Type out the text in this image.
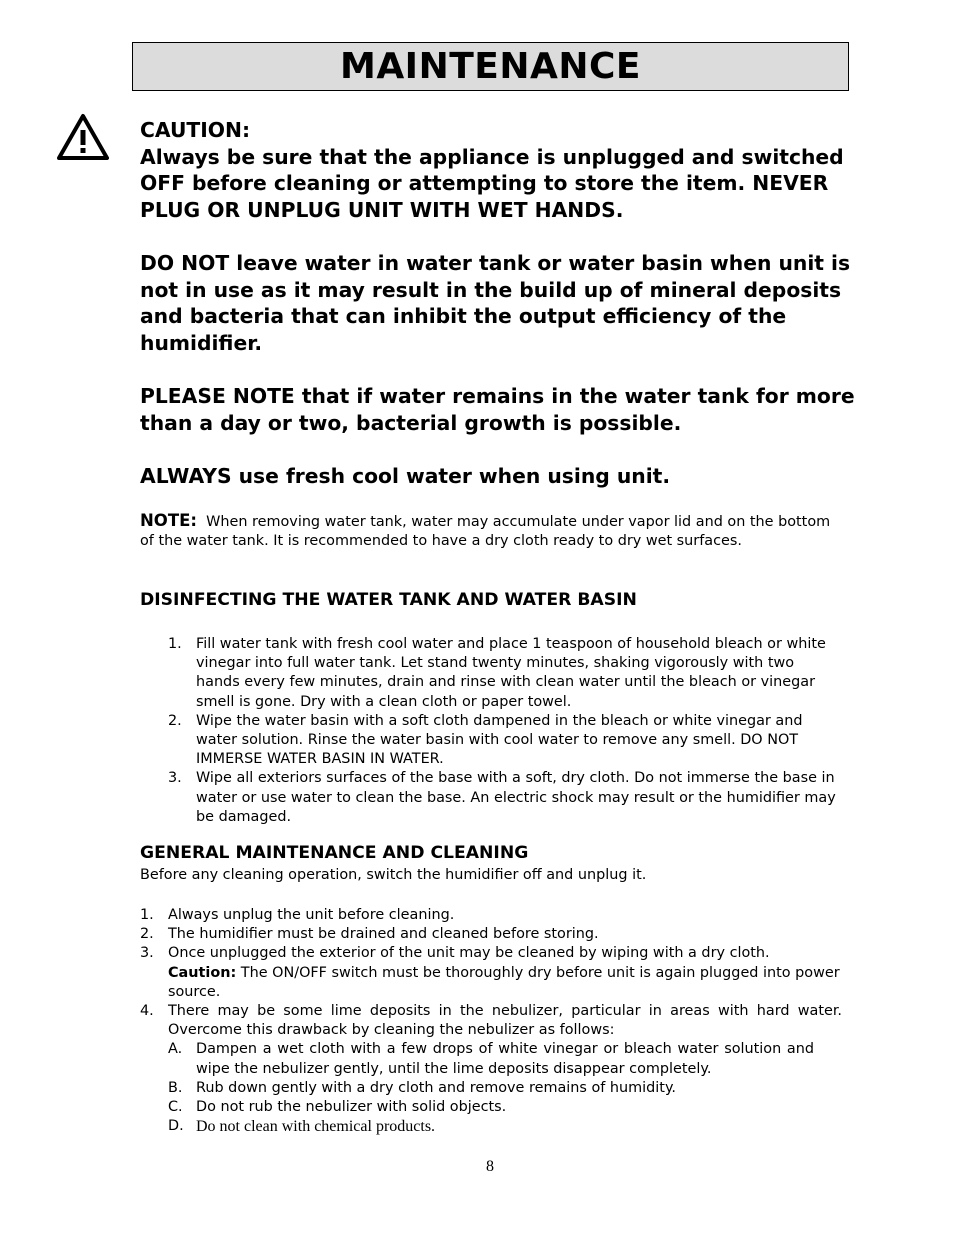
MAINTENANCE

CAUTION:

Always be sure that the appliance is unplugged and switched OFF before cleaning or attempting to store the item. NEVER PLUG OR UNPLUG UNIT WITH WET HANDS.

DO NOT leave water in water tank or water basin when unit is not in use as it may result in the build up of mineral deposits and bacteria that can inhibit the output efficiency of the humidifier.

PLEASE NOTE that if water remains in the water tank for more than a day or two, bacterial growth is possible.

ALWAYS use fresh cool water when using unit.

NOTE: When removing water tank, water may accumulate under vapor lid and on the bottom of the water tank. It is recommended to have a dry cloth ready to dry wet surfaces.
DISINFECTING THE WATER TANK AND WATER BASIN
1. Fill water tank with fresh cool water and place 1 teaspoon of household bleach or white vinegar into full water tank. Let stand twenty minutes, shaking vigorously with two hands every few minutes, drain and rinse with clean water until the bleach or vinegar smell is gone. Dry with a clean cloth or paper towel.
2. Wipe the water basin with a soft cloth dampened in the bleach or white vinegar and water solution. Rinse the water basin with cool water to remove any smell. DO NOT IMMERSE WATER BASIN IN WATER.
3. Wipe all exteriors surfaces of the base with a soft, dry cloth. Do not immerse the base in water or use water to clean the base. An electric shock may result or the humidifier may be damaged.
GENERAL MAINTENANCE AND CLEANING
Before any cleaning operation, switch the humidifier off and unplug it.
1. Always unplug the unit before cleaning.
2. The humidifier must be drained and cleaned before storing.
3. Once unplugged the exterior of the unit may be cleaned by wiping with a dry cloth. Caution: The ON/OFF switch must be thoroughly dry before unit is again plugged into power source.
4. There may be some lime deposits in the nebulizer, particular in areas with hard water. Overcome this drawback by cleaning the nebulizer as follows:
A. Dampen a wet cloth with a few drops of white vinegar or bleach water solution and wipe the nebulizer gently, until the lime deposits disappear completely.
B. Rub down gently with a dry cloth and remove remains of humidity.
C. Do not rub the nebulizer with solid objects.
D. Do not clean with chemical products.
8
